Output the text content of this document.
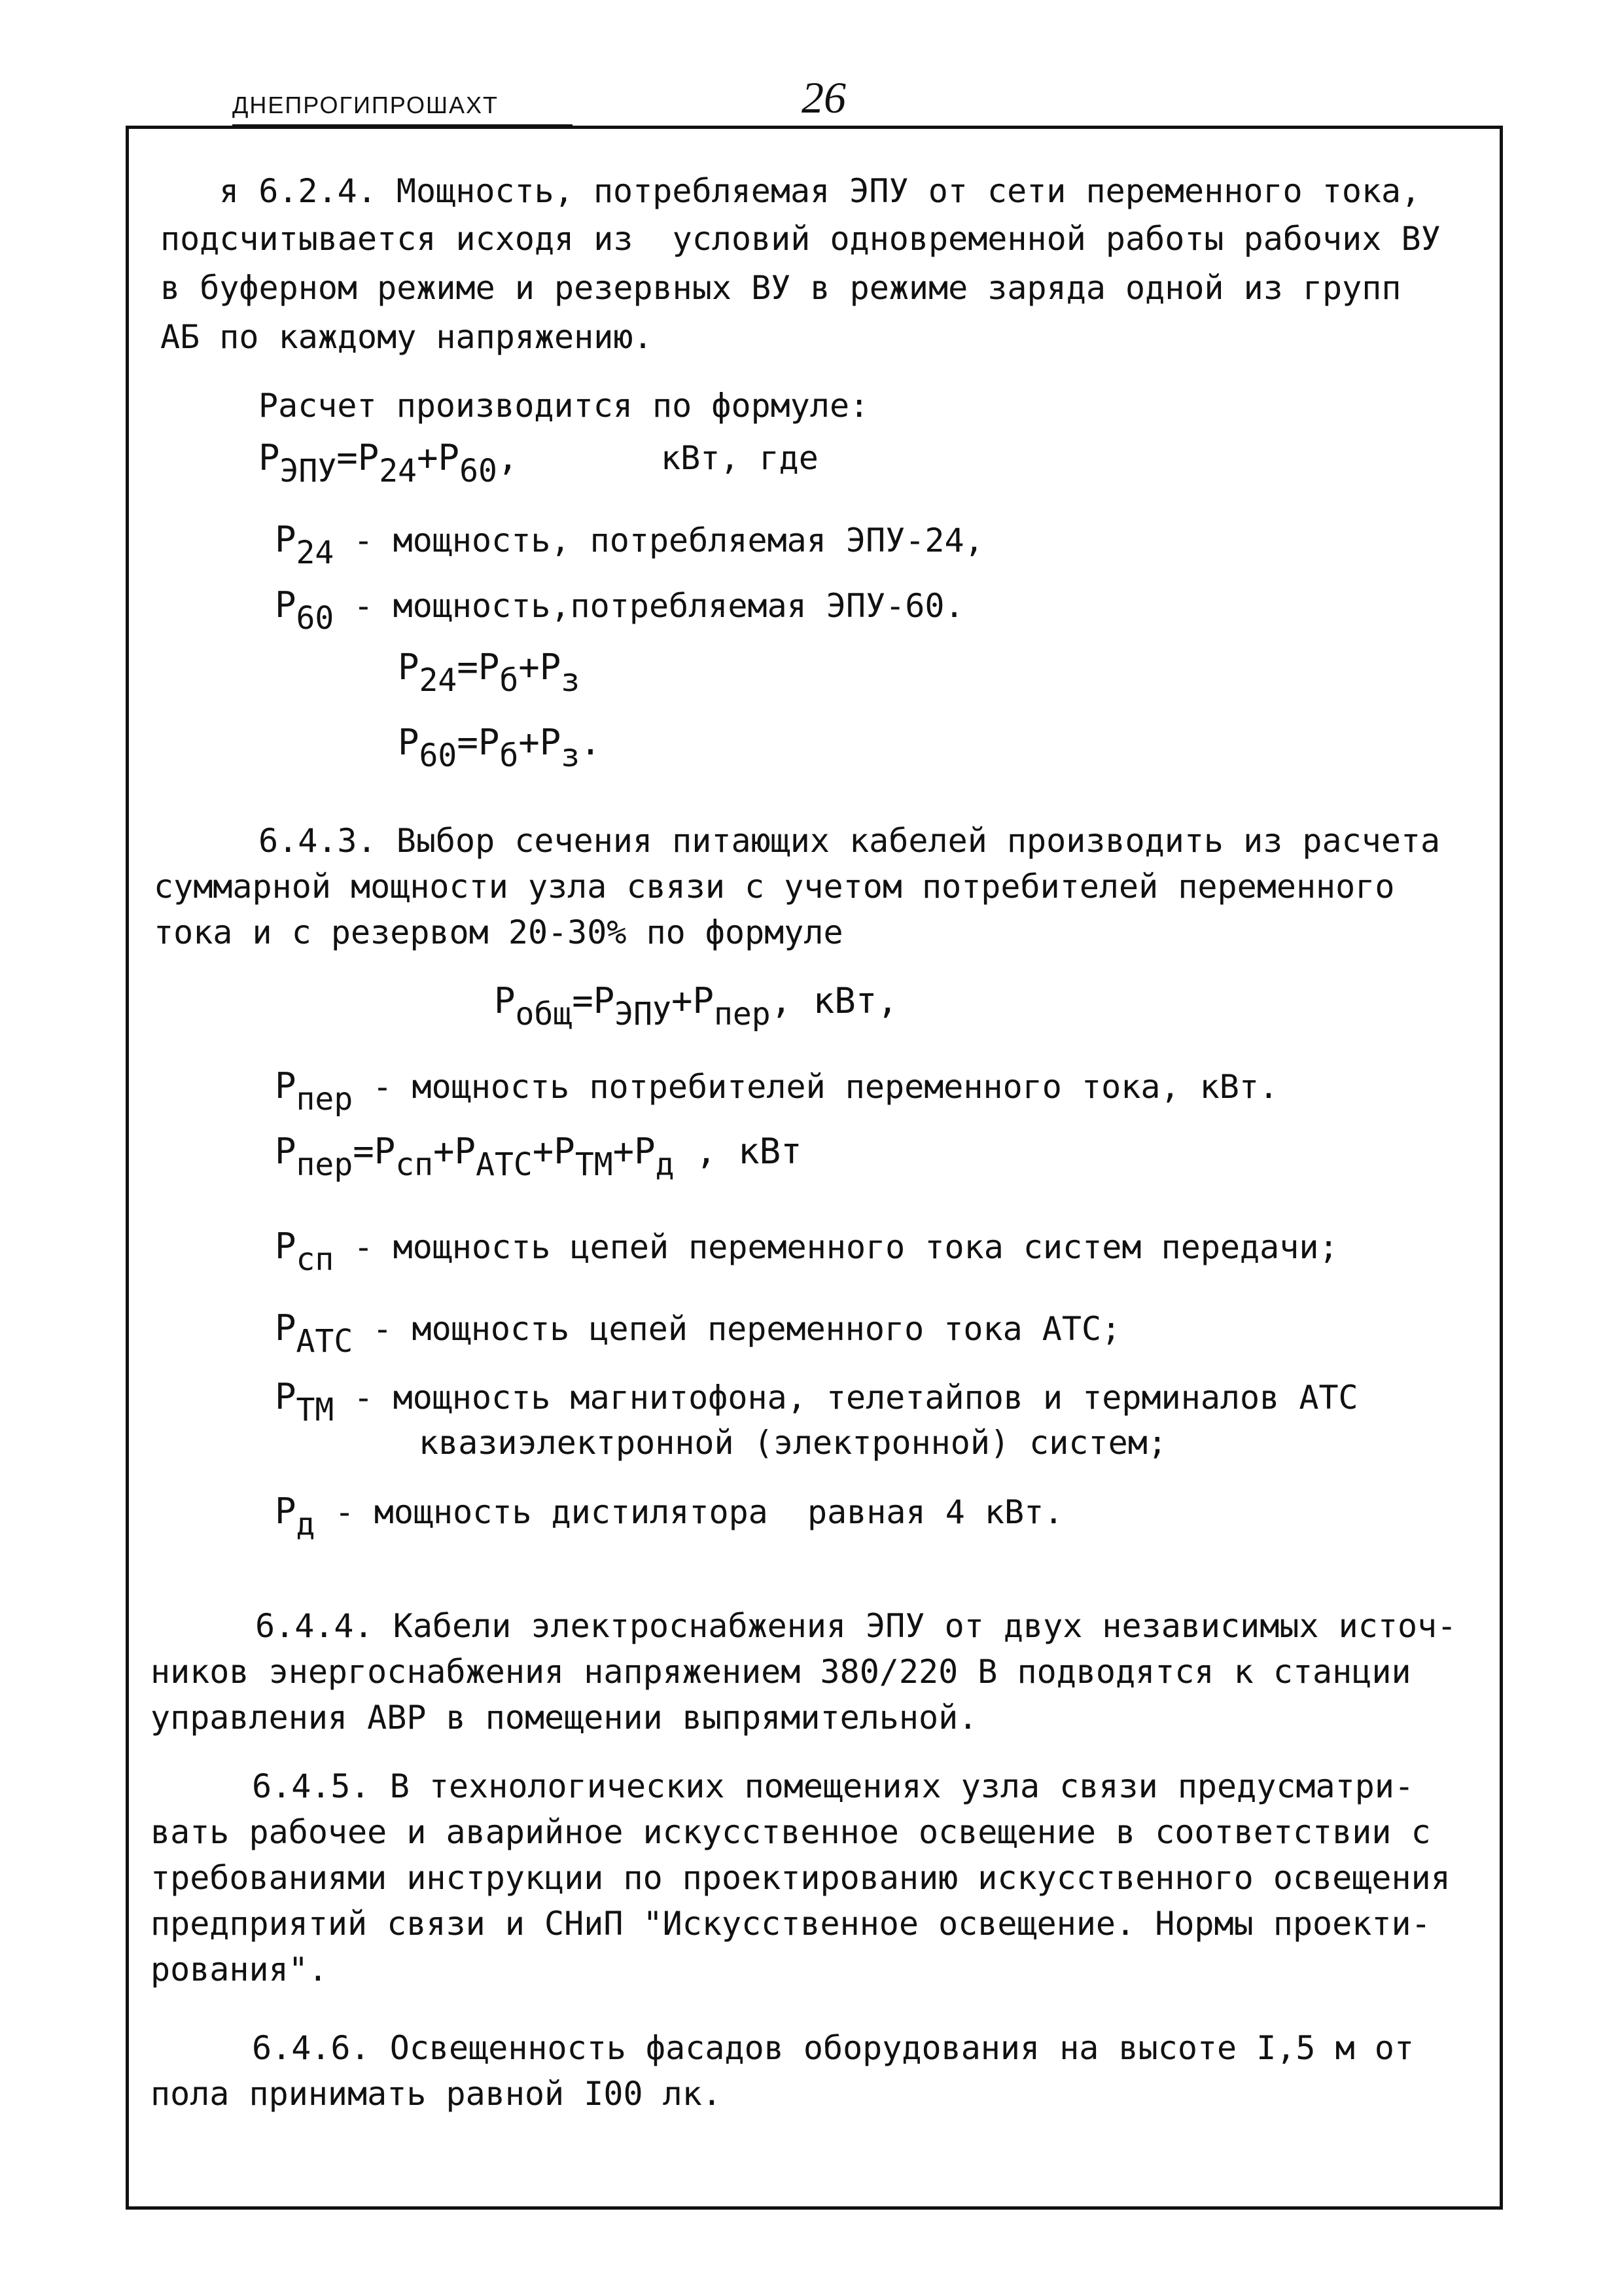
ДНЕПРОГИПРОШАХТ	26
я 6.2.4. Мощность, потребляемая ЭПУ от сети переменного тока,
подсчитывается исходя из  условий одновременной работы рабочих ВУ
в буферном режиме и резервных ВУ в режиме заряда одной из групп
АБ по каждому напряжению.
Расчет производится по формуле:
PЭПУ=P24+P60,	кВт, где
P24 - мощность, потребляемая ЭПУ-24,
P60 - мощность,потребляемая ЭПУ-60.
P24=Pб+Pз
P60=Pб+Pз.
6.4.3. Выбор сечения питающих кабелей производить из расчета
суммарной мощности узла связи с учетом потребителей переменного
тока и с резервом 20-30% по формуле
Pобщ=PЭПУ+Pпер, кВт,
Pпер - мощность потребителей переменного тока, кВт.
Pпер=Pсп+PАТС+PТМ+Pд , кВт
Pсп - мощность цепей переменного тока систем передачи;
PАТС - мощность цепей переменного тока АТС;
PТМ - мощность магнитофона, телетайпов и терминалов АТС
квазиэлектронной (электронной) систем;
Pд - мощность дистилятора  равная 4 кВт.
6.4.4. Кабели электроснабжения ЭПУ от двух независимых источ-
ников энергоснабжения напряжением 380/220 В подводятся к станции
управления АВР в помещении выпрямительной.
6.4.5. В технологических помещениях узла связи предусматри-
вать рабочее и аварийное искусственное освещение в соответствии с
требованиями инструкции по проектированию искусственного освещения
предприятий связи и СНиП "Искусственное освещение. Нормы проекти-
рования".
6.4.6. Освещенность фасадов оборудования на высоте I,5 м от
пола принимать равной I00 лк.
